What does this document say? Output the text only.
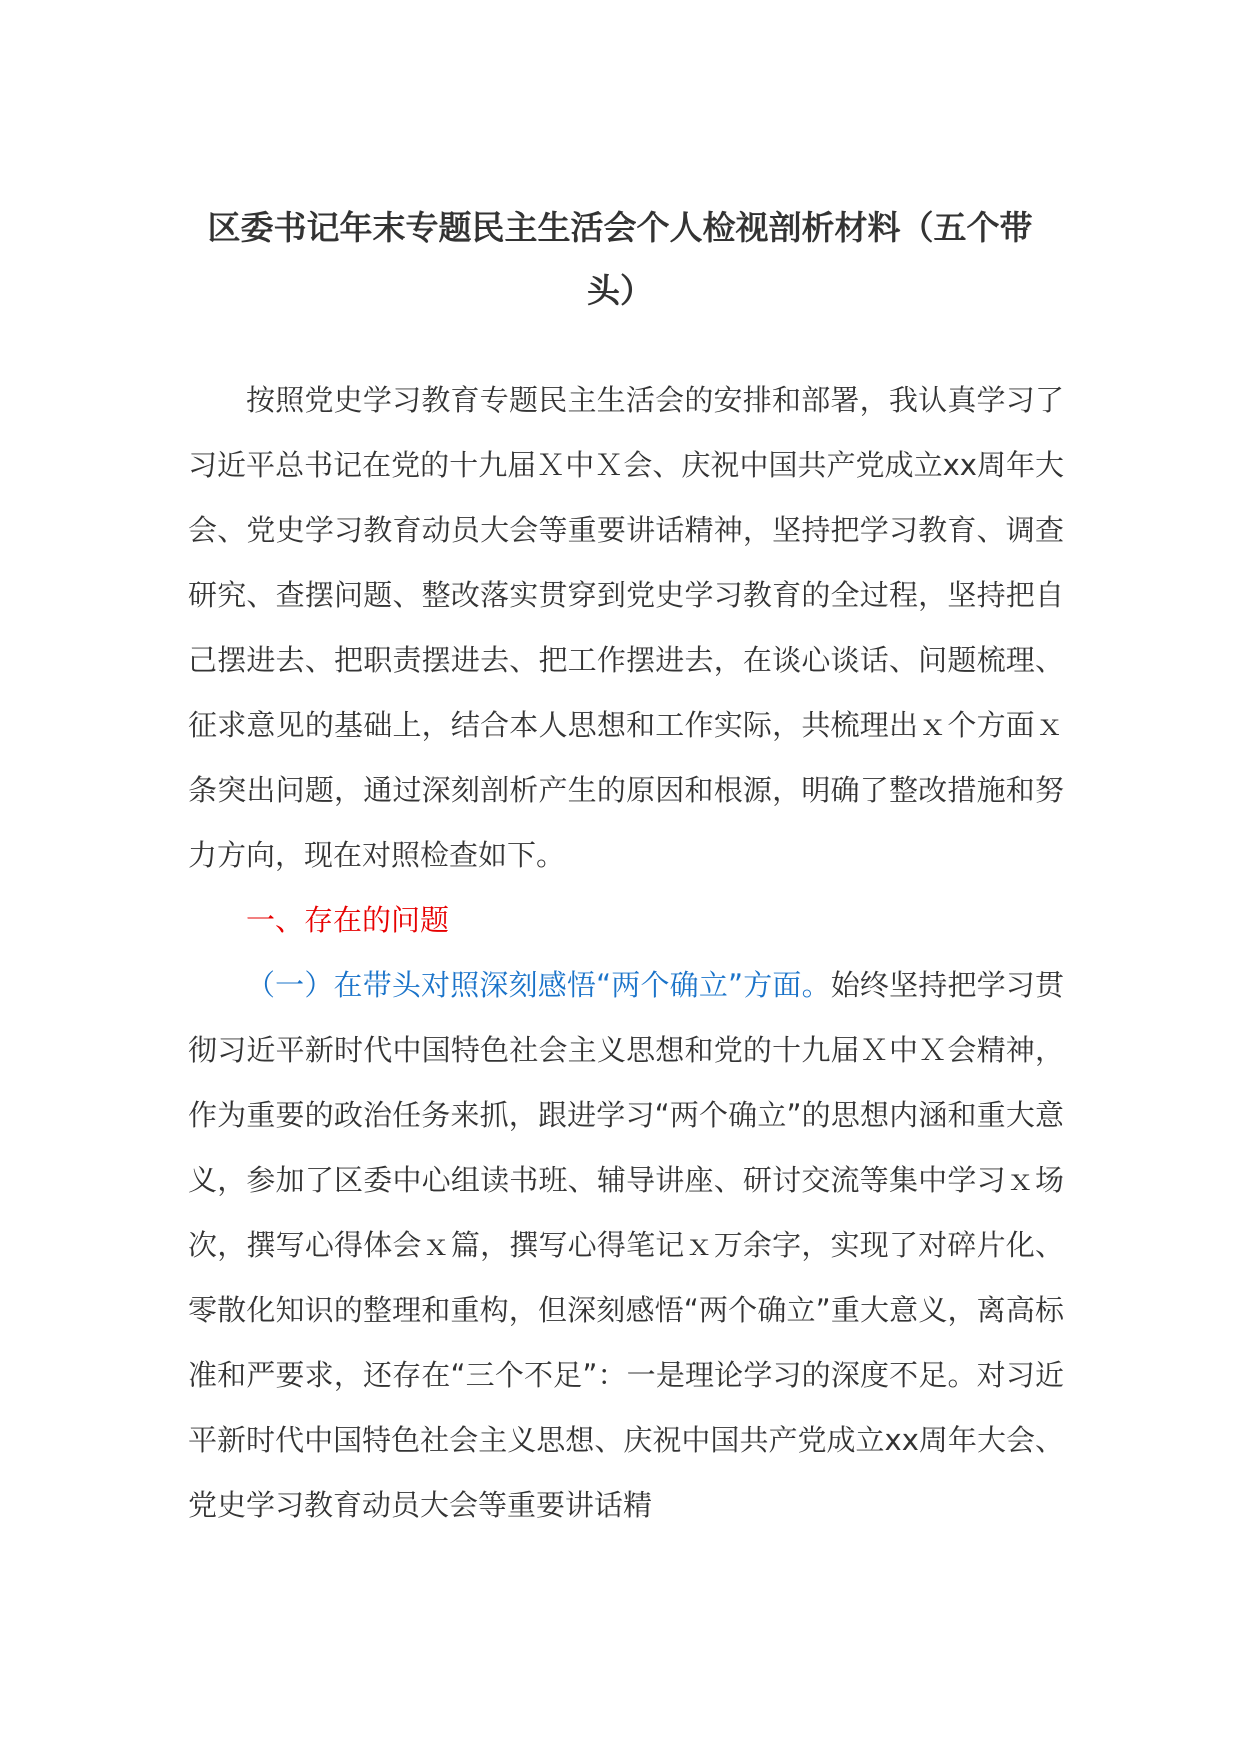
区委书记年末专题民主生活会个人检视剖析材料（五个带头）

按照党史学习教育专题民主生活会的安排和部署，我认真学习了习近平总书记在党的十九届Ｘ中Ｘ会、庆祝中国共产党成立xx周年大会、党史学习教育动员大会等重要讲话精神，坚持把学习教育、调查研究、查摆问题、整改落实贯穿到党史学习教育的全过程，坚持把自己摆进去、把职责摆进去、把工作摆进去，在谈心谈话、问题梳理、征求意见的基础上，结合本人思想和工作实际，共梳理出ｘ个方面ｘ条突出问题，通过深刻剖析产生的原因和根源，明确了整改措施和努力方向，现在对照检查如下。

一、存在的问题

（一）在带头对照深刻感悟“两个确立”方面。始终坚持把学习贯彻习近平新时代中国特色社会主义思想和党的十九届Ｘ中Ｘ会精神，作为重要的政治任务来抓，跟进学习“两个确立”的思想内涵和重大意义，参加了区委中心组读书班、辅导讲座、研讨交流等集中学习ｘ场次，撰写心得体会ｘ篇，撰写心得笔记ｘ万余字，实现了对碎片化、零散化知识的整理和重构，但深刻感悟“两个确立”重大意义，离高标准和严要求，还存在“三个不足”：一是理论学习的深度不足。对习近平新时代中国特色社会主义思想、庆祝中国共产党成立xx周年大会、党史学习教育动员大会等重要讲话精
